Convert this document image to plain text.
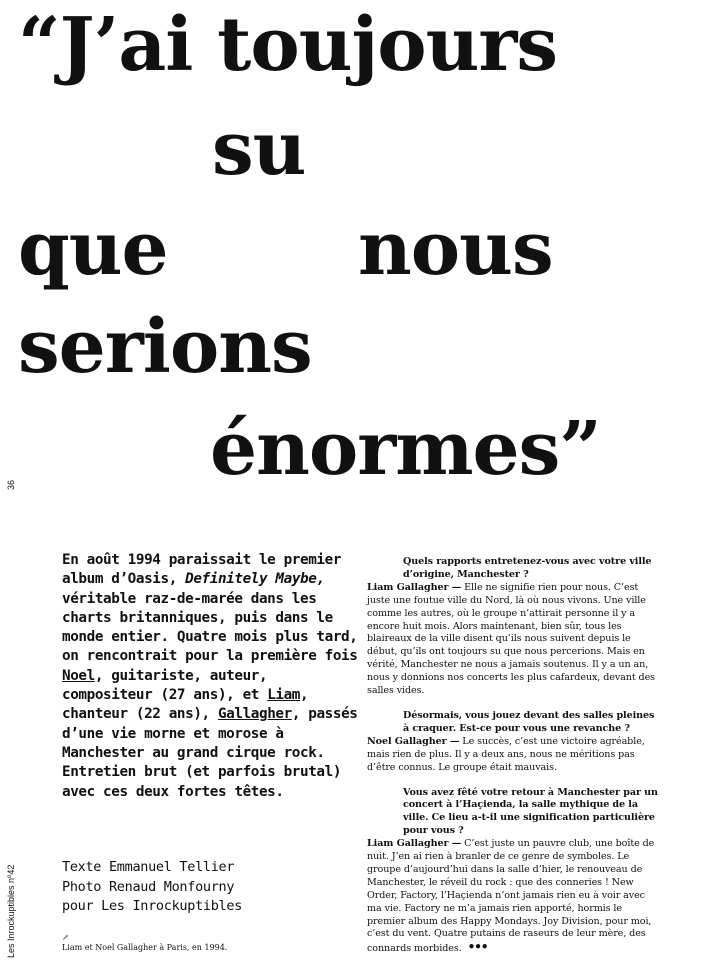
“J’ai toujours
su
que	nous
serions
énormes”
36
Les Inrockuptibles nº42
En août 1994 paraissait le premier album d’Oasis, Definitely Maybe, véritable raz-de-marée dans les charts britanniques, puis dans le monde entier. Quatre mois plus tard, on rencontrait pour la première fois Noel, guitariste, auteur, compositeur (27 ans), et Liam, chanteur (22 ans), Gallagher, passés d’une vie morne et morose à Manchester au grand cirque rock. Entretien brut (et parfois brutal) avec ces deux fortes têtes.
Texte Emmanuel Tellier
Photo Renaud Monfourny
pour Les Inrockuptibles
↗
Liam et Noel Gallagher à Paris, en 1994.
Quels rapports entretenez-vous avec votre ville d’origine, Manchester ?
Liam Gallagher — Elle ne signifie rien pour nous. C’est juste une foutue ville du Nord, là où nous vivons. Une ville comme les autres, où le groupe n’attirait personne il y a encore huit mois. Alors maintenant, bien sûr, tous les blaireaux de la ville disent qu’ils nous suivent depuis le début, qu’ils ont toujours su que nous percerions. Mais en vérité, Manchester ne nous a jamais soutenus. Il y a un an, nous y donnions nos concerts les plus cafardeux, devant des salles vides.
Désormais, vous jouez devant des salles pleines à craquer. Est-ce pour vous une revanche ?
Noel Gallagher — Le succès, c’est une victoire agréable, mais rien de plus. Il y a deux ans, nous ne méritions pas d’être connus. Le groupe était mauvais.
Vous avez fêté votre retour à Manchester par un concert à l’Haçienda, la salle mythique de la ville. Ce lieu a-t-il une signification particulière pour vous ?
Liam Gallagher — C’est juste un pauvre club, une boîte de nuit. J’en ai rien à branler de ce genre de symboles. Le groupe d’aujourd’hui dans la salle d’hier, le renouveau de Manchester, le réveil du rock : que des conneries ! New Order, Factory, l’Haçienda n’ont jamais rien eu à voir avec ma vie. Factory ne m’a jamais rien apporté, hormis le premier album des Happy Mondays. Joy Division, pour moi, c’est du vent. Quatre putains de raseurs de leur mère, des connards morbides. •••
